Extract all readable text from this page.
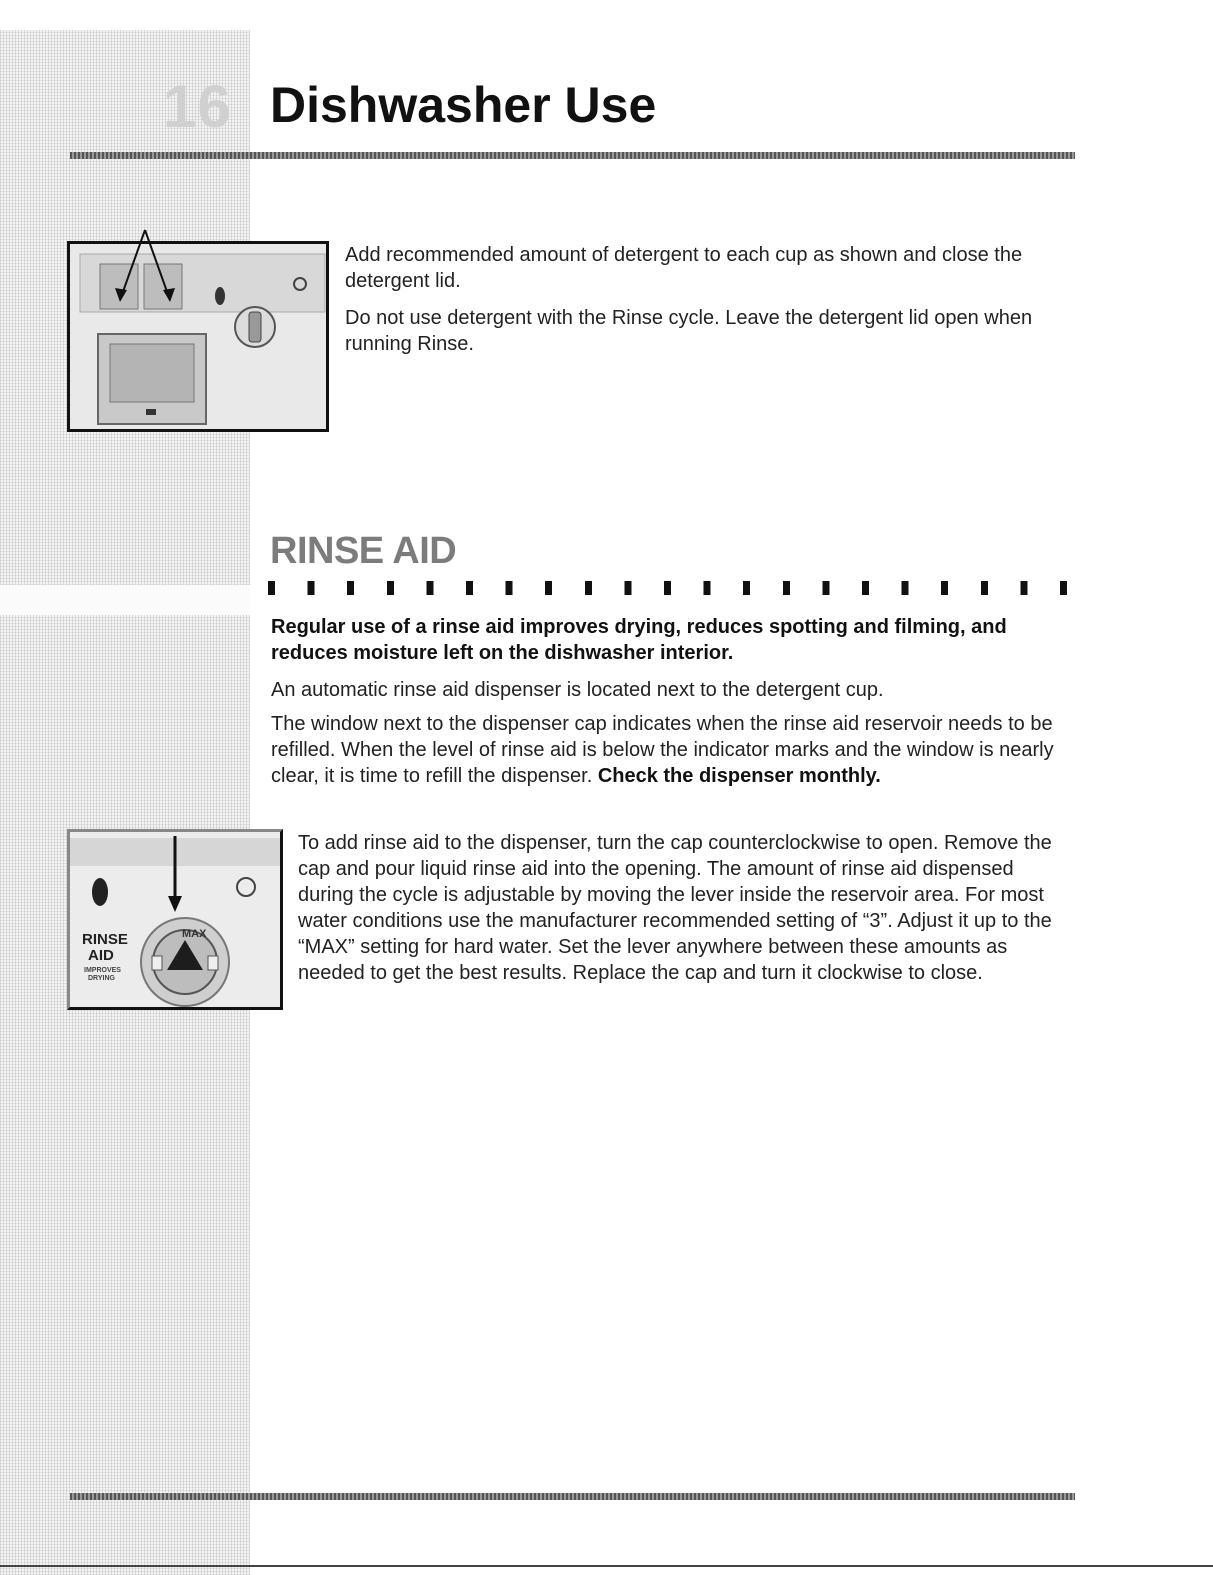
16 Dishwasher Use

Add recommended amount of detergent to each cup as shown and close the detergent lid.

Do not use detergent with the Rinse cycle. Leave the detergent lid open when running Rinse.

RINSE AID

Regular use of a rinse aid improves drying, reduces spotting and filming, and reduces moisture left on the dishwasher interior.

An automatic rinse aid dispenser is located next to the detergent cup.

The window next to the dispenser cap indicates when the rinse aid reservoir needs to be refilled. When the level of rinse aid is below the indicator marks and the window is nearly clear, it is time to refill the dispenser. Check the dispenser monthly.

MAX
RINSE
AID
IMPROVES
DRYING

To add rinse aid to the dispenser, turn the cap counterclockwise to open. Remove the cap and pour liquid rinse aid into the opening. The amount of rinse aid dispensed during the cycle is adjustable by moving the lever inside the reservoir area. For most water conditions use the manufacturer recommended setting of “3”. Adjust it up to the “MAX” setting for hard water. Set the lever anywhere between these amounts as needed to get the best results. Replace the cap and turn it clockwise to close.
